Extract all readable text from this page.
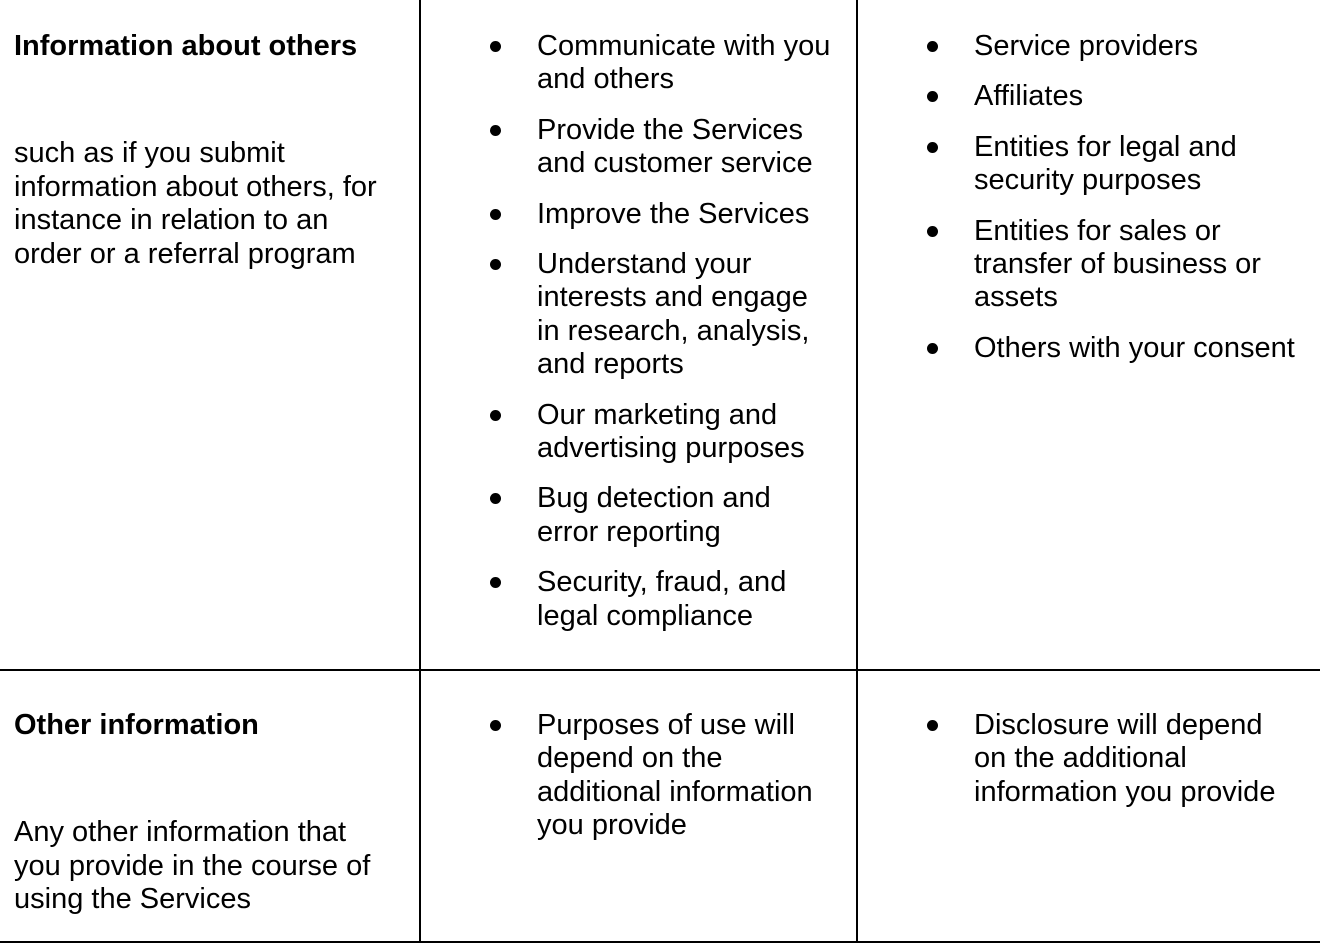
Information about others
such as if you submit information about others, for instance in relation to an order or a referral program
Communicate with you and others
Provide the Services and customer service
Improve the Services
Understand your interests and engage in research, analysis, and reports
Our marketing and advertising purposes
Bug detection and error reporting
Security, fraud, and legal compliance
Service providers
Affiliates
Entities for legal and security purposes
Entities for sales or transfer of business or assets
Others with your consent
Other information
Any other information that you provide in the course of using the Services
Purposes of use will depend on the additional information you provide
Disclosure will depend on the additional information you provide
